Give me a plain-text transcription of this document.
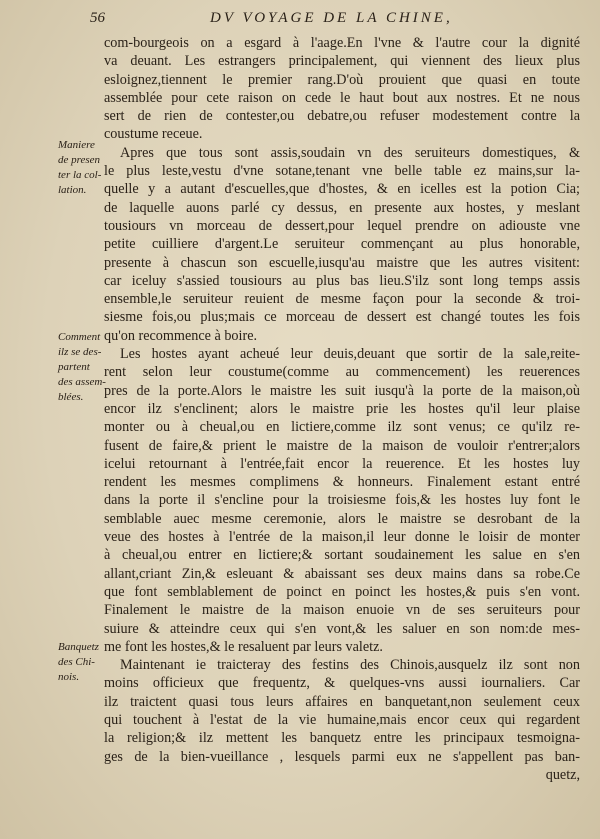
56	DV VOYAGE DE LA CHINE,
com-bourgeois on a esgard à l'aage.En l'vne & l'autre cour la dignité
va deuant. Les estrangers principalement, qui viennent des lieux plus
esloignez,tiennent le premier rang.D'où prouient que quasi en toute
assemblée pour cete raison on cede le haut bout aux nostres. Et ne nous
sert de rien de contester,ou debatre,ou refuser modestement contre la
coustume receue.
Apres que tous sont assis,soudain vn des seruiteurs domestiques, &
le plus leste,vestu d'vne sotane,tenant vne belle table ez mains,sur la-
quelle y a autant d'escuelles,que d'hostes, & en icelles est la potion Cia;
de laquelle auons parlé cy dessus, en presente aux hostes, y meslant
tousiours vn morceau de dessert,pour lequel prendre on adiouste vne
petite cuilliere d'argent.Le seruiteur commençant au plus honorable,
presente à chascun son escuelle,iusqu'au maistre que les autres visitent:
car iceluy s'assied tousiours au plus bas lieu.S'ilz sont long temps assis
ensemble,le seruiteur reuient de mesme façon pour la seconde & troi-
siesme fois,ou plus;mais ce morceau de dessert est changé toutes les fois
qu'on recommence à boire.
Les hostes ayant acheué leur deuis,deuant que sortir de la sale,reite-
rent selon leur coustume(comme au commencement) les reuerences
pres de la porte.Alors le maistre les suit iusqu'à la porte de la maison,où
encor ilz s'enclinent; alors le maistre prie les hostes qu'il leur plaise
monter ou à cheual,ou en lictiere,comme ilz sont venus; ce qu'ilz re-
fusent de faire,& prient le maistre de la maison de vouloir r'entrer;alors
icelui retournant à l'entrée,fait encor la reuerence. Et les hostes luy
rendent les mesmes complimens & honneurs. Finalement estant entré
dans la porte il s'encline pour la troisiesme fois,& les hostes luy font le
semblable auec mesme ceremonie, alors le maistre se desrobant de la
veue des hostes à l'entrée de la maison,il leur donne le loisir de monter
à cheual,ou entrer en lictiere;& sortant soudainement les salue en s'en
allant,criant Zin,& esleuant & abaissant ses deux mains dans sa robe.Ce
que font semblablement de poinct en poinct les hostes,& puis s'en vont.
Finalement le maistre de la maison enuoie vn de ses seruiteurs pour
suiure & atteindre ceux qui s'en vont,& les saluer en son nom:de mes-
me font les hostes,& le resaluent par leurs valetz.
Maintenant ie traicteray des festins des Chinois,ausquelz ilz sont non
moins officieux que frequentz, & quelques-vns aussi iournaliers. Car
ilz traictent quasi tous leurs affaires en banquetant,non seulement ceux
qui touchent à l'estat de la vie humaine,mais encor ceux qui regardent
la religion;& ilz mettent les banquetz entre les principaux tesmoigna-
ges de la bien-vueillance , lesquels parmi eux ne s'appellent pas ban-
quetz,
Maniere
de presen
ter la col-
lation.
Comment
ilz se des-
partent
des assem-
blées.
Banquetz
des Chi-
nois.
